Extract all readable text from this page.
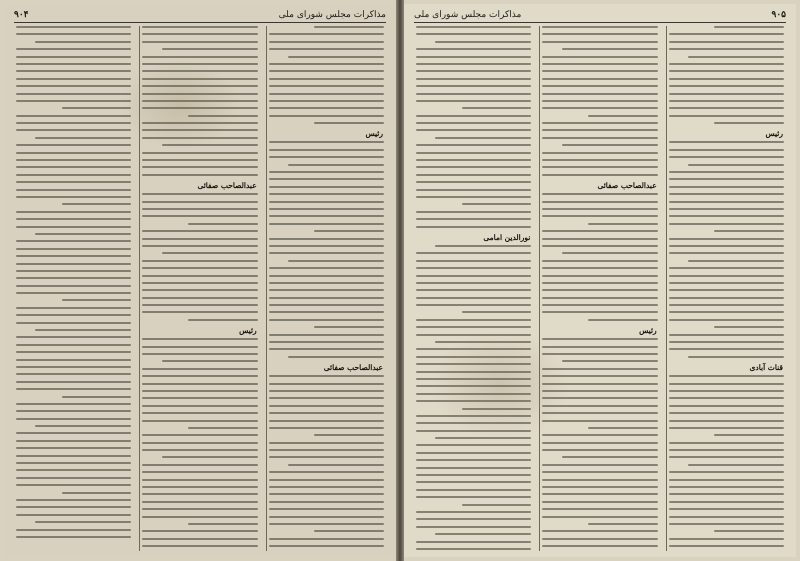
۹۰۵
مذاکرات مجلس شورای ملی
رئیس
قنات آبادی
عبدالصاحب صفائی
رئیس
نورالدین امامی
مذاکرات مجلس شورای ملی
۹۰۴
رئیس
عبدالصاحب صفائی
عبدالصاحب صفائی
رئیس
